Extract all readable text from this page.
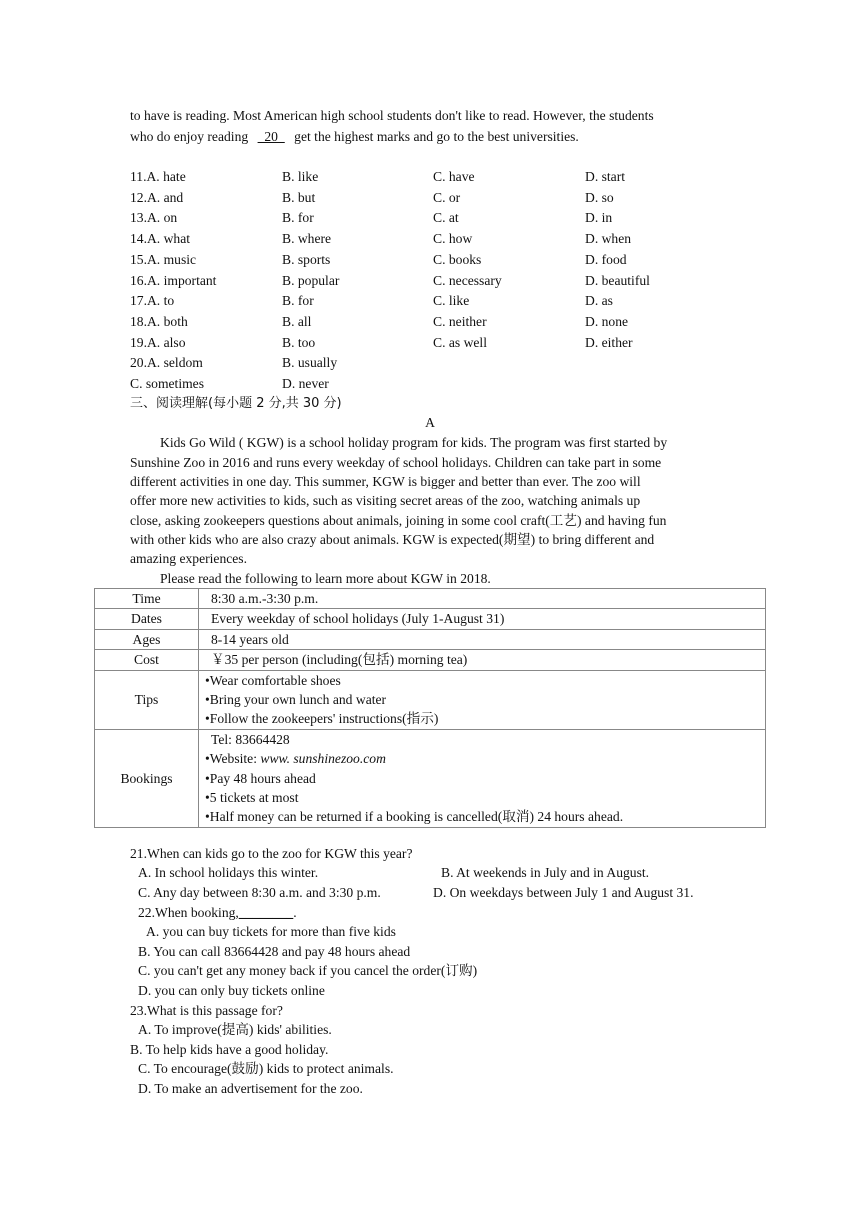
to have is reading. Most American high school students don't like to read. However, the students
who do enjoy reading   20   get the highest marks and go to the best universities.
11.A. hate	B. like	C. have	D. start
12.A. and	B. but	C. or	D. so
13.A. on	B. for	C. at	D. in
14.A. what	B. where	C. how	D. when
15.A. music	B. sports	C. books	D. food
16.A. important	B. popular	C. necessary	D. beautiful
17.A. to	B. for	C. like	D. as
18.A. both	B. all	C. neither	D. none
19.A. also	B. too	C. as well	D. either
20.A. seldom	B. usually
C. sometimes	D. never
三、阅读理解(每小题 2 分,共 30 分)
A
Kids Go Wild ( KGW) is a school holiday program for kids. The program was first started by
Sunshine Zoo in 2016 and runs every weekday of school holidays. Children can take part in some
different activities in one day. This summer, KGW is bigger and better than ever. The zoo will
offer more new activities to kids, such as visiting secret areas of the zoo, watching animals up
close, asking zookeepers questions about animals, joining in some cool craft(工艺) and having fun
with other kids who are also crazy about animals. KGW is expected(期望) to bring different and
amazing experiences.
Please read the following to learn more about KGW in 2018.
Time	8:30 a.m.-3:30 p.m.
Dates	Every weekday of school holidays (July 1-August 31)
Ages	8-14 years old
Cost	￥35 per person (including(包括) morning tea)
Tips	•Wear comfortable shoes
•Bring your own lunch and water
•Follow the zookeepers' instructions(指示)

Bookings	Tel: 83664428
•Website: www. sunshinezoo.com
•Pay 48 hours ahead
•5 tickets at most
•Half money can be returned if a booking is cancelled(取消) 24 hours ahead.
21.When can kids go to the zoo for KGW this year?
A. In school holidays this winter.	B. At weekends in July and in August.
C. Any day between 8:30 a.m. and 3:30 p.m.	D. On weekdays between July 1 and August 31.
22.When booking,________.
A. you can buy tickets for more than five kids
B. You can call 83664428 and pay 48 hours ahead
C. you can't get any money back if you cancel the order(订购)
D. you can only buy tickets online
23.What is this passage for?
A. To improve(提高) kids' abilities.
B. To help kids have a good holiday.
C. To encourage(鼓励) kids to protect animals.
D. To make an advertisement for the zoo.
